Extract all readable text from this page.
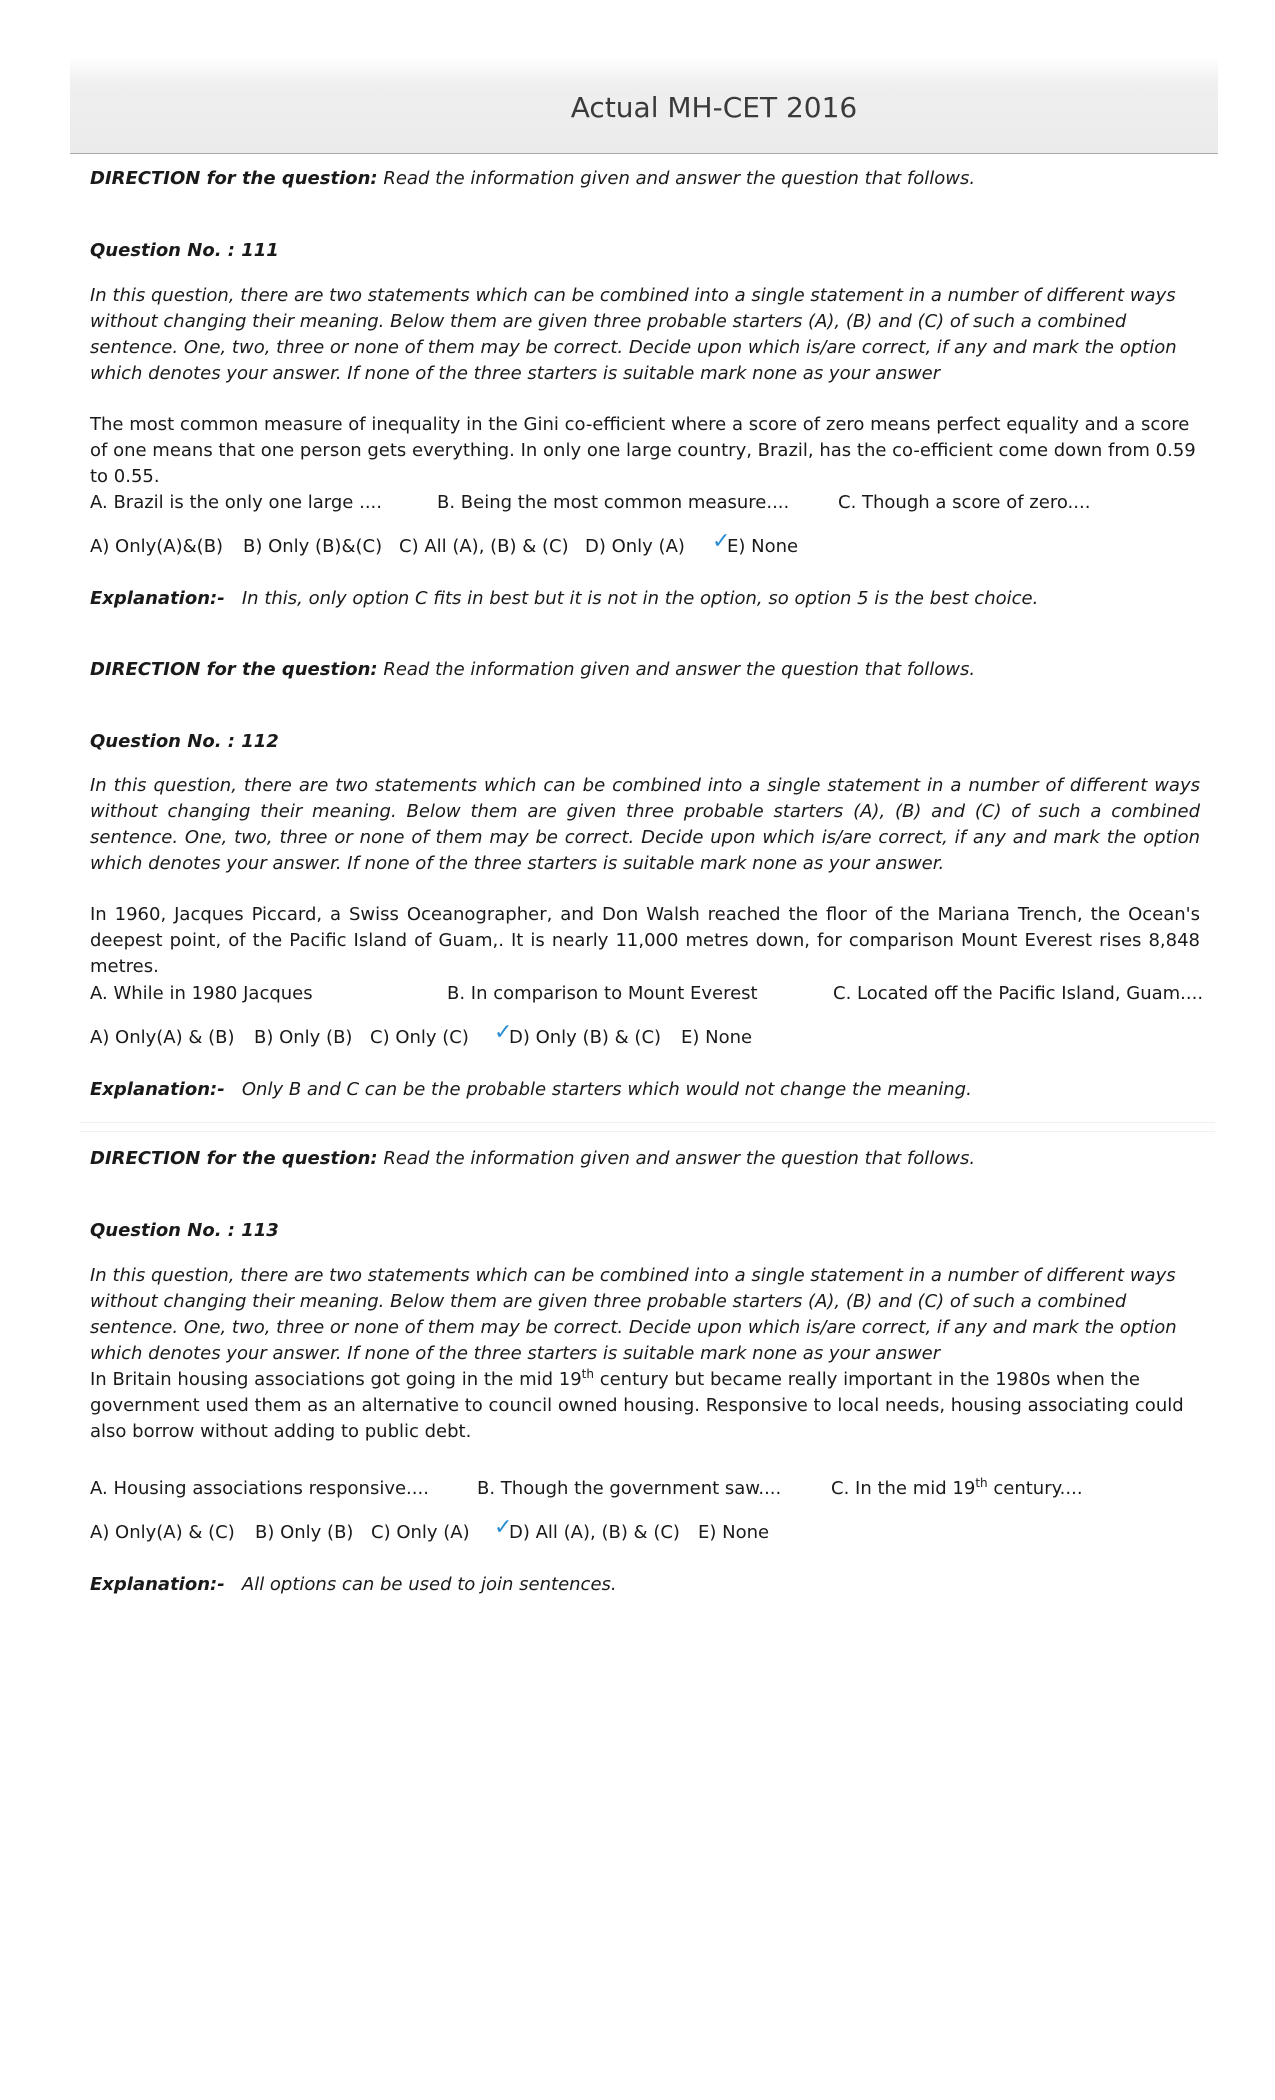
Actual MH-CET 2016

DIRECTION for the question: Read the information given and answer the question that follows.

Question No. : 111

In this question, there are two statements which can be combined into a single statement in a number of different ways without changing their meaning. Below them are given three probable starters (A), (B) and (C) of such a combined sentence. One, two, three or none of them may be correct. Decide upon which is/are correct, if any and mark the option which denotes your answer. If none of the three starters is suitable mark none as your answer

The most common measure of inequality in the Gini co-efficient where a score of zero means perfect equality and a score of one means that one person gets everything. In only one large country, Brazil, has the co-efficient come down from 0.59 to 0.55.

A. Brazil is the only one large ....	B. Being the most common measure....	C. Though a score of zero....
A) Only(A)&(B) B) Only (B)&(C) C) All (A), (B) & (C) D) Only (A) ✓
E) None

Explanation:- In this, only option C fits in best but it is not in the option, so option 5 is the best choice.

DIRECTION for the question: Read the information given and answer the question that follows.

Question No. : 112

In this question, there are two statements which can be combined into a single statement in a number of different ways without changing their meaning. Below them are given three probable starters (A), (B) and (C) of such a combined sentence. One, two, three or none of them may be correct. Decide upon which is/are correct, if any and mark the option which denotes your answer. If none of the three starters is suitable mark none as your answer.

In 1960, Jacques Piccard, a Swiss Oceanographer, and Don Walsh reached the floor of the Mariana Trench, the Ocean's deepest point, of the Pacific Island of Guam,. It is nearly 11,000 metres down, for comparison Mount Everest rises 8,848 metres.

A. While in 1980 Jacques	B. In comparison to Mount Everest	C. Located off the Pacific Island, Guam....
A) Only(A) & (B) B) Only (B) C) Only (C) ✓
D) Only (B) & (C) E) None

Explanation:- Only B and C can be the probable starters which would not change the meaning.

DIRECTION for the question: Read the information given and answer the question that follows.

Question No. : 113

In this question, there are two statements which can be combined into a single statement in a number of different ways without changing their meaning. Below them are given three probable starters (A), (B) and (C) of such a combined sentence. One, two, three or none of them may be correct. Decide upon which is/are correct, if any and mark the option which denotes your answer. If none of the three starters is suitable mark none as your answer

In Britain housing associations got going in the mid 19th century but became really important in the 1980s when the government used them as an alternative to council owned housing. Responsive to local needs, housing associating could also borrow without adding to public debt.

A. Housing associations responsive....	B. Though the government saw....	C. In the mid 19th century....
A) Only(A) & (C) B) Only (B) C) Only (A) ✓
D) All (A), (B) & (C) E) None

Explanation:- All options can be used to join sentences.
